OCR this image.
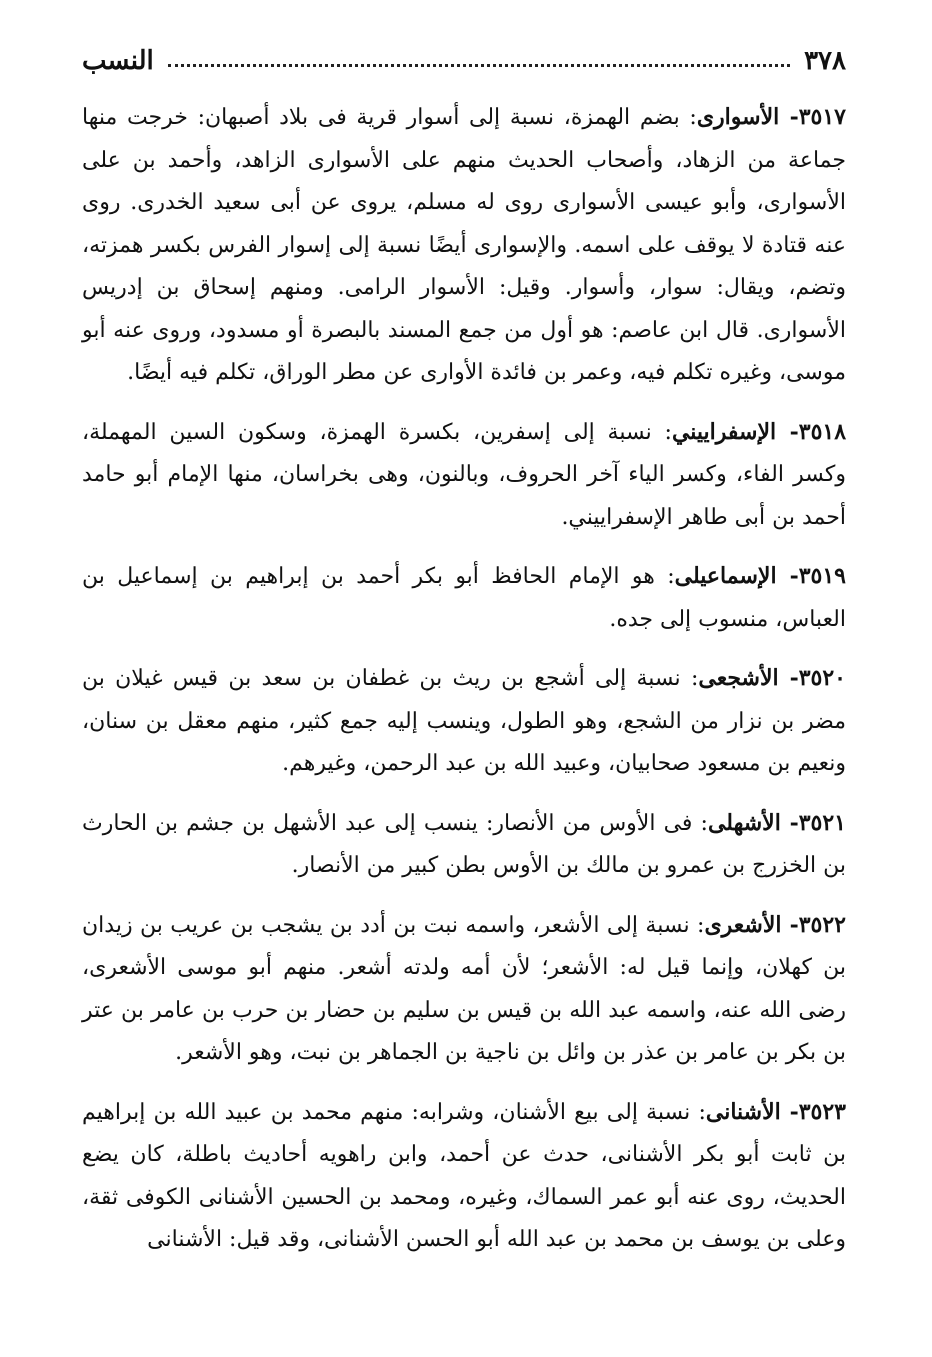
٣٧٨
النسب

٣٥١٧- الأسوارى: بضم الهمزة، نسبة إلى أسوار قرية فى بلاد أصبهان: خرجت منها جماعة من الزهاد، وأصحاب الحديث منهم على الأسوارى الزاهد، وأحمد بن على الأسوارى، وأبو عيسى الأسوارى روى له مسلم، يروى عن أبى سعيد الخدرى. روى عنه قتادة لا يوقف على اسمه. والإسوارى أيضًا نسبة إلى إسوار الفرس بكسر همزته، وتضم، ويقال: سوار، وأسوار. وقيل: الأسوار الرامى. ومنهم إسحاق بن إدريس الأسوارى. قال ابن عاصم: هو أول من جمع المسند بالبصرة أو مسدود، وروى عنه أبو موسى، وغيره تكلم فيه، وعمر بن فائدة الأوارى عن مطر الوراق، تكلم فيه أيضًا.

٣٥١٨- الإسفراييني: نسبة إلى إسفرين، بكسرة الهمزة، وسكون السين المهملة، وكسر الفاء، وكسر الياء آخر الحروف، وبالنون، وهى بخراسان، منها الإمام أبو حامد أحمد بن أبى طاهر الإسفراييني.

٣٥١٩- الإسماعيلى: هو الإمام الحافظ أبو بكر أحمد بن إبراهيم بن إسماعيل بن العباس، منسوب إلى جده.

٣٥٢٠- الأشجعى: نسبة إلى أشجع بن ريث بن غطفان بن سعد بن قيس غيلان بن مضر بن نزار من الشجع، وهو الطول، وينسب إليه جمع كثير، منهم معقل بن سنان، ونعيم بن مسعود صحابيان، وعبيد الله بن عبد الرحمن، وغيرهم.

٣٥٢١- الأشهلى: فى الأوس من الأنصار: ينسب إلى عبد الأشهل بن جشم بن الحارث بن الخزرج بن عمرو بن مالك بن الأوس بطن كبير من الأنصار.

٣٥٢٢- الأشعرى: نسبة إلى الأشعر، واسمه نبت بن أدد بن يشجب بن عريب بن زيدان بن كهلان، وإنما قيل له: الأشعر؛ لأن أمه ولدته أشعر. منهم أبو موسى الأشعرى، رضى الله عنه، واسمه عبد الله بن قيس بن سليم بن حضار بن حرب بن عامر بن عتر بن بكر بن عامر بن عذر بن وائل بن ناجية بن الجماهر بن نبت، وهو الأشعر.

٣٥٢٣- الأشنانى: نسبة إلى بيع الأشنان، وشرابه: منهم محمد بن عبيد الله بن إبراهيم بن ثابت أبو بكر الأشنانى، حدث عن أحمد، وابن راهويه أحاديث باطلة، كان يضع الحديث، روى عنه أبو عمر السماك، وغيره، ومحمد بن الحسين الأشنانى الكوفى ثقة، وعلى بن يوسف بن محمد بن عبد الله أبو الحسن الأشنانى، وقد قيل: الأشنانى
